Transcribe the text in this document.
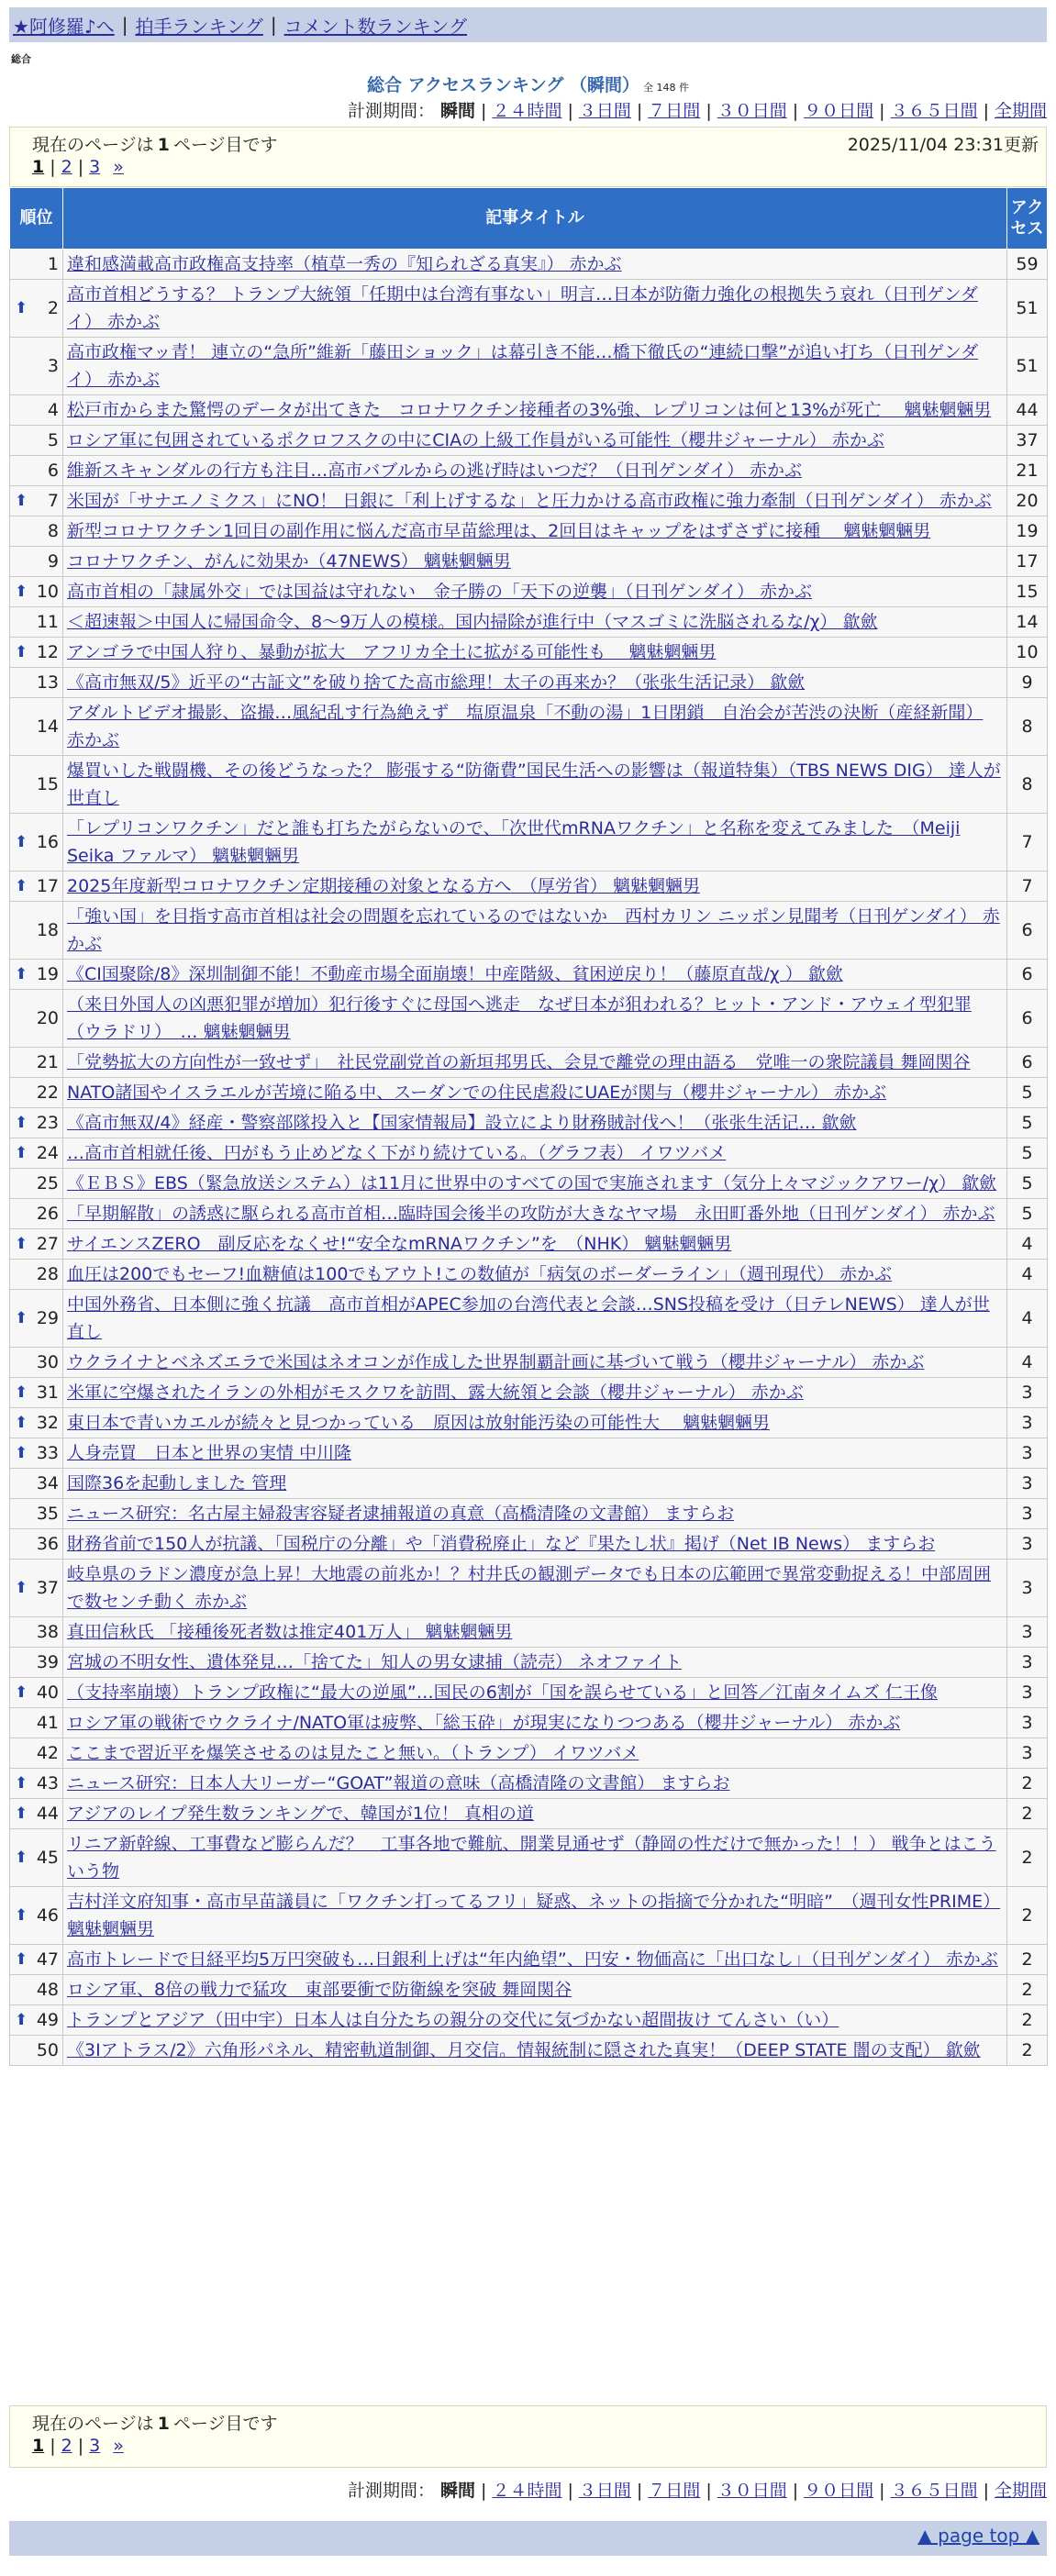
★阿修羅♪へ | 拍手ランキング | コメント数ランキング
総合
総合 アクセスランキング （瞬間） 全 148 件
計測期間： 瞬間 | ２４時間 | ３日間 | ７日間 | ３０日間 | ９０日間 | ３６５日間 | 全期間
現在のページは 1 ページ目です	2025/11/04 23:31更新
1 | 2 | 3 »
順位	記事タイトル	アクセス
1	違和感満載高市政権高支持率（植草一秀の『知られざる真実』） 赤かぶ	59

⬆ 2	高市首相どうする？ トランプ大統領「任期中は台湾有事ない」明言…日本が防衛力強化の根拠失う哀れ（日刊ゲンダイ） 赤かぶ	51
3	高市政権マッ青！ 連立の“急所”維新「藤田ショック」は幕引き不能…橋下徹氏の“連続口撃”が追い打ち（日刊ゲンダイ） 赤かぶ	51
4	松戸市からまた驚愕のデータが出てきた　コロナワクチン接種者の3%強、レプリコンは何と13%が死亡　 魑魅魍魎男	44
5	ロシア軍に包囲されているポクロフスクの中にCIAの上級工作員がいる可能性（櫻井ジャーナル） 赤かぶ	37
6	維新スキャンダルの行方も注目…高市バブルからの逃げ時はいつだ？（日刊ゲンダイ） 赤かぶ	21

⬆ 7	米国が「サナエノミクス」にNO！ 日銀に「利上げするな」と圧力かける高市政権に強力牽制（日刊ゲンダイ） 赤かぶ	20
8	新型コロナワクチン1回目の副作用に悩んだ高市早苗総理は、2回目はキャップをはずさずに接種　 魑魅魍魎男	19
9	コロナワクチン、がんに効果か（47NEWS） 魑魅魍魎男	17

⬆ 10	高市首相の「隷属外交」では国益は守れない　金子勝の「天下の逆襲」（日刊ゲンダイ） 赤かぶ	15
11	＜超速報＞中国人に帰国命令、8～9万人の模様。国内掃除が進行中（マスゴミに洗脳されるな/χ） 歙歛	14

⬆ 12	アンゴラで中国人狩り、暴動が拡大　アフリカ全土に拡がる可能性も　 魑魅魍魎男	10
13	《高市無双/5》近平の“古証文”を破り捨てた高市総理！太子の再来か？（张张生活记录） 歙歛	9
14	アダルトビデオ撮影、盗撮…風紀乱す行為絶えず　塩原温泉「不動の湯」1日閉鎖　自治会が苦渋の決断（産経新聞） 赤かぶ	8
15	爆買いした戦闘機、その後どうなった？ 膨張する“防衛費”国民生活への影響は（報道特集）（TBS NEWS DIG） 達人が世直し	8

⬆ 16	「レプリコンワクチン」だと誰も打ちたがらないので、「次世代mRNAワクチン」と名称を変えてみました　（Meiji Seika ファルマ） 魑魅魍魎男	7

⬆ 17	2025年度新型コロナワクチン定期接種の対象となる方へ　（厚労省） 魑魅魍魎男	7
18	「強い国」を目指す高市首相は社会の問題を忘れているのではないか　西村カリン ニッポン見聞考（日刊ゲンダイ） 赤かぶ	6

⬆ 19	《CI国聚除/8》深圳制御不能！不動産市場全面崩壊！中産階級、貧困逆戻り！（藤原直哉/χ ） 歙歛	6
20	（来日外国人の凶悪犯罪が増加）犯行後すぐに母国へ逃走　なぜ日本が狙われる？ヒット・アンド・アウェイ型犯罪（ウラドリ）　… 魑魅魍魎男	6
21	「党勢拡大の方向性が一致せず」　社民党副党首の新垣邦男氏、会見で離党の理由語る　党唯一の衆院議員 舞岡関谷	6
22	NATO諸国やイスラエルが苦境に陥る中、スーダンでの住民虐殺にUAEが関与（櫻井ジャーナル） 赤かぶ	5

⬆ 23	《高市無双/4》経産・警察部隊投入と【国家情報局】設立により財務賊討伐へ！（张张生活记… 歙歛	5

⬆ 24	…高市首相就任後、円がもう止めどなく下がり続けている。（グラフ表） イワツバメ	5
25	《ＥＢＳ》EBS（緊急放送システム）は11月に世界中のすべての国で実施されます（気分上々マジックアワー/χ） 歙歛	5
26	「早期解散」の誘惑に駆られる高市首相…臨時国会後半の攻防が大きなヤマ場　永田町番外地（日刊ゲンダイ） 赤かぶ	5

⬆ 27	サイエンスZERO　副反応をなくせ!“安全なmRNAワクチン”を　（NHK） 魑魅魍魎男	4
28	血圧は200でもセーフ!血糖値は100でもアウト!この数値が「病気のボーダーライン」（週刊現代） 赤かぶ	4

⬆ 29	中国外務省、日本側に強く抗議　高市首相がAPEC参加の台湾代表と会談…SNS投稿を受け（日テレNEWS） 達人が世直し	4
30	ウクライナとベネズエラで米国はネオコンが作成した世界制覇計画に基づいて戦う（櫻井ジャーナル） 赤かぶ	4

⬆ 31	米軍に空爆されたイランの外相がモスクワを訪問、露大統領と会談（櫻井ジャーナル） 赤かぶ	3

⬆ 32	東日本で青いカエルが続々と見つかっている　原因は放射能汚染の可能性大　 魑魅魍魎男	3

⬆ 33	人身売買　日本と世界の実情 中川隆	3
34	国際36を起動しました 管理	3
35	ニュース研究：名古屋主婦殺害容疑者逮捕報道の真意（高橋清隆の文書館） ますらお	3
36	財務省前で150人が抗議、「国税庁の分離」や「消費税廃止」など『果たし状』掲げ（Net IB News） ますらお	3

⬆ 37	岐阜県のラドン濃度が急上昇！大地震の前兆か！？村井氏の観測データでも日本の広範囲で異常変動捉える！中部周囲で数センチ動く 赤かぶ	3
38	真田信秋氏 「接種後死者数は推定401万人」 魑魅魍魎男	3
39	宮城の不明女性、遺体発見…「捨てた」知人の男女逮捕（読売） ネオファイト	3

⬆ 40	（支持率崩壊）トランプ政権に“最大の逆風”…国民の6割が「国を誤らせている」と回答／江南タイムズ 仁王像	3
41	ロシア軍の戦術でウクライナ/NATO軍は疲弊、「総玉砕」が現実になりつつある（櫻井ジャーナル） 赤かぶ	3
42	ここまで習近平を爆笑させるのは見たこと無い。（トランプ） イワツバメ	3

⬆ 43	ニュース研究：日本人大リーガー“GOAT”報道の意味（高橋清隆の文書館） ますらお	2

⬆ 44	アジアのレイプ発生数ランキングで、韓国が1位！ 真相の道	2

⬆ 45	リニア新幹線、工事費など膨らんだ？　工事各地で難航、開業見通せず（静岡の性だけで無かった！！） 戦争とはこういう物	2

⬆ 46	吉村洋文府知事・高市早苗議員に「ワクチン打ってるフリ」疑惑、ネットの指摘で分かれた“明暗”　（週刊女性PRIME） 魑魅魍魎男	2

⬆ 47	高市トレードで日経平均5万円突破も…日銀利上げは“年内絶望”、円安・物価高に「出口なし」（日刊ゲンダイ） 赤かぶ	2
48	ロシア軍、8倍の戦力で猛攻　東部要衝で防衛線を突破 舞岡関谷	2

⬆ 49	トランプとアジア（田中宇）日本人は自分たちの親分の交代に気づかない超間抜け てんさい（い）	2
50	《3Iアトラス/2》六角形パネル、精密軌道制御、月交信。情報統制に隠された真実！（DEEP STATE 闇の支配） 歙歛	2
現在のページは 1 ページ目です
1 | 2 | 3 »
計測期間： 瞬間 | ２４時間 | ３日間 | ７日間 | ３０日間 | ９０日間 | ３６５日間 | 全期間
▲ page top ▲
